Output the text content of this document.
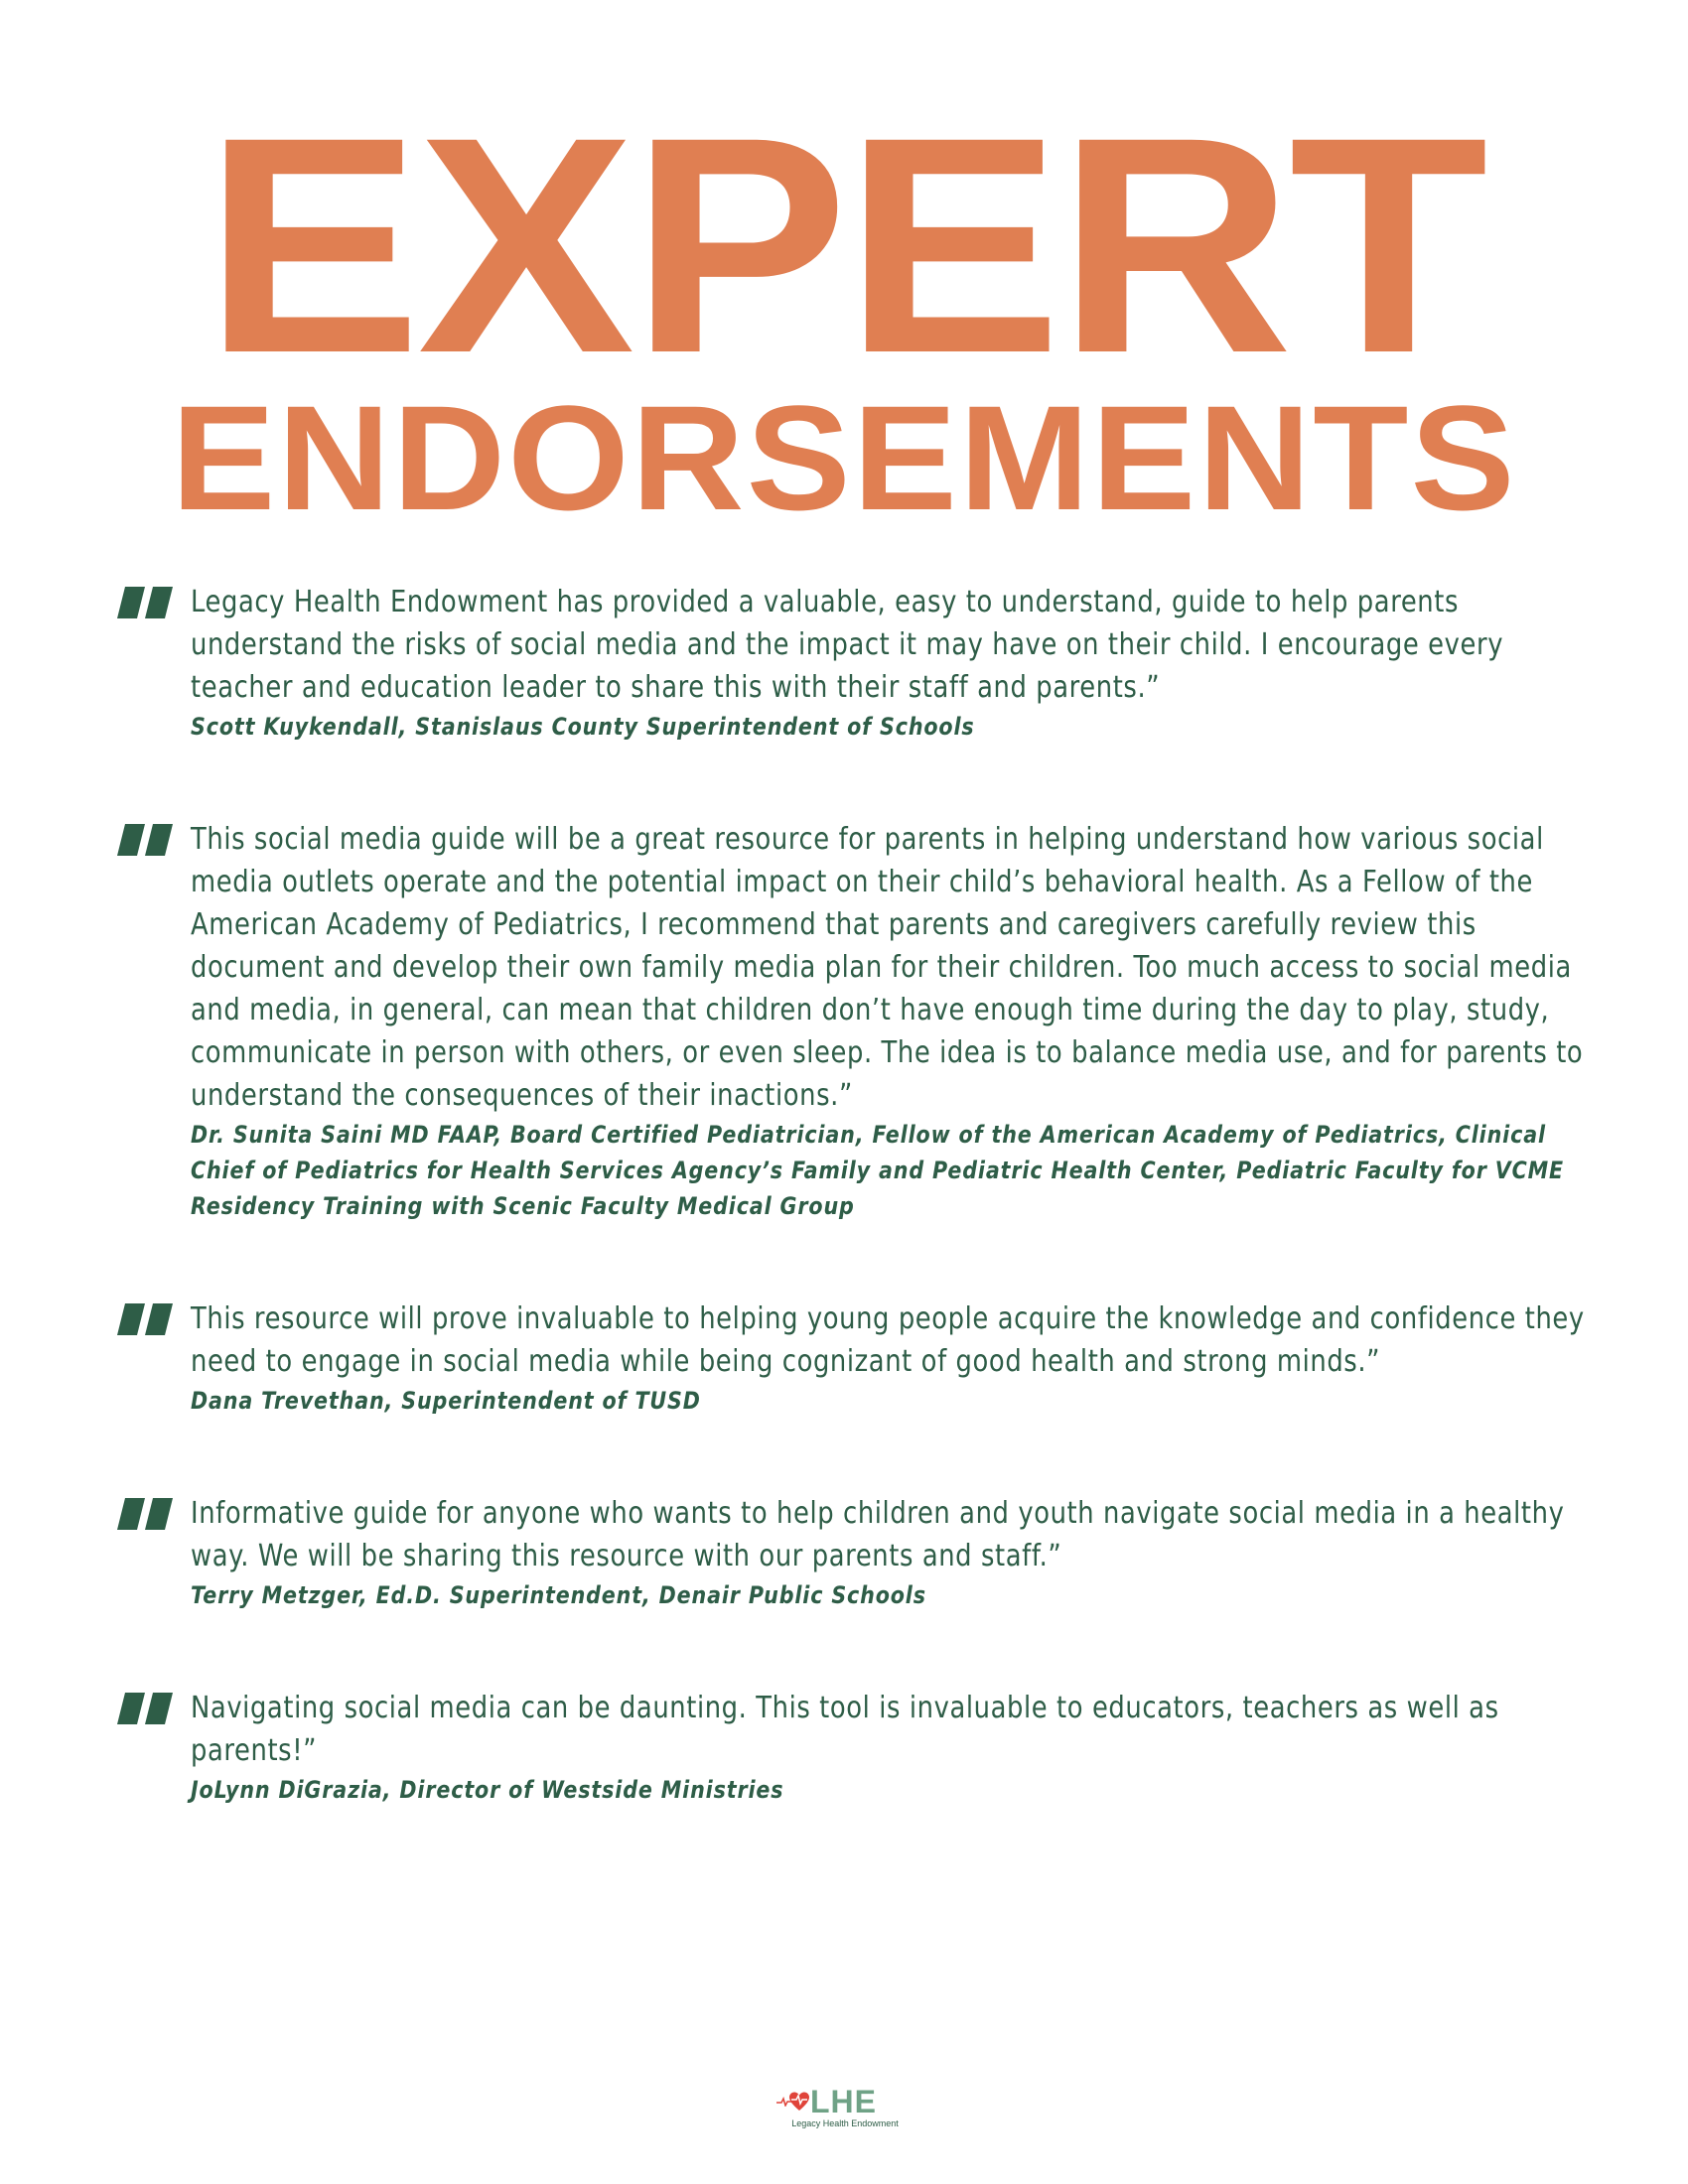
EXPERT
ENDORSEMENTS

Legacy Health Endowment has provided a valuable, easy to understand, guide to help parents understand the risks of social media and the impact it may have on their child. I encourage every teacher and education leader to share this with their staff and parents.”

Scott Kuykendall, Stanislaus County Superintendent of Schools

This social media guide will be a great resource for parents in helping understand how various social media outlets operate and the potential impact on their child’s behavioral health. As a Fellow of the American Academy of Pediatrics, I recommend that parents and caregivers carefully review this document and develop their own family media plan for their children. Too much access to social media and media, in general, can mean that children don’t have enough time during the day to play, study, communicate in person with others, or even sleep. The idea is to balance media use, and for parents to understand the consequences of their inactions.”

Dr. Sunita Saini MD FAAP, Board Certified Pediatrician, Fellow of the American Academy of Pediatrics, Clinical Chief of Pediatrics for Health Services Agency’s Family and Pediatric Health Center, Pediatric Faculty for VCME Residency Training with Scenic Faculty Medical Group

This resource will prove invaluable to helping young people acquire the knowledge and confidence they need to engage in social media while being cognizant of good health and strong minds.”

Dana Trevethan, Superintendent of TUSD

Informative guide for anyone who wants to help children and youth navigate social media in a healthy way. We will be sharing this resource with our parents and staff.”

Terry Metzger, Ed.D. Superintendent, Denair Public Schools

Navigating social media can be daunting. This tool is invaluable to educators, teachers as well as parents!”

JoLynn DiGrazia, Director of Westside Ministries

LHE
Legacy Health Endowment
